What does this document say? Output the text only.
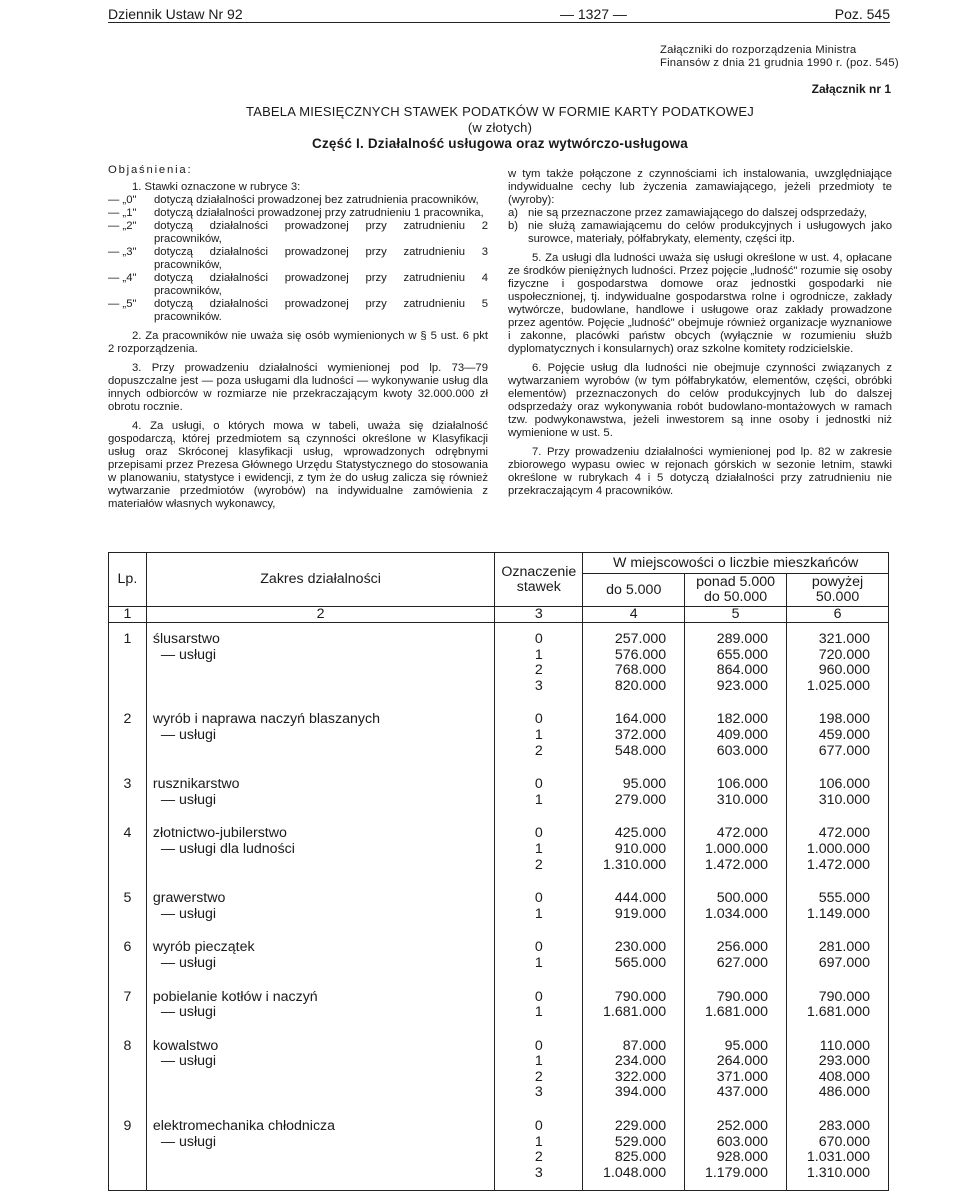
Dziennik Ustaw Nr 92	— 1327 —	Poz. 545
Załączniki do rozporządzenia Ministra Finansów z dnia 21 grudnia 1990 r. (poz. 545)
Załącznik nr 1
TABELA MIESIĘCZNYCH STAWEK PODATKÓW W FORMIE KARTY PODATKOWEJ
(w złotych)
Część I. Działalność usługowa oraz wytwórczo-usługowa

Objaśnienia:

1. Stawki oznaczone w rubryce 3:

— „0"	dotyczą działalności prowadzonej bez zatrudnienia pracowników,
— „1"	dotyczą działalności prowadzonej przy zatrudnieniu 1 pracownika,
— „2"	dotyczą działalności prowadzonej przy zatrudnieniu 2 pracowników,
— „3"	dotyczą działalności prowadzonej przy zatrudnieniu 3 pracowników,
— „4"	dotyczą działalności prowadzonej przy zatrudnieniu 4 pracowników,
— „5"	dotyczą działalności prowadzonej przy zatrudnieniu 5 pracowników.

2. Za pracowników nie uważa się osób wymienionych w § 5 ust. 6 pkt 2 rozporządzenia.

3. Przy prowadzeniu działalności wymienionej pod lp. 73—79 dopuszczalne jest — poza usługami dla ludności — wykonywanie usług dla innych odbiorców w rozmiarze nie przekraczającym kwoty 32.000.000 zł obrotu rocznie.

4. Za usługi, o których mowa w tabeli, uważa się działalność gospodarczą, której przedmiotem są czynności określone w Klasyfikacji usług oraz Skróconej klasyfikacji usług, wprowadzonych odrębnymi przepisami przez Prezesa Głównego Urzędu Statystycznego do stosowania w planowaniu, statystyce i ewidencji, z tym że do usług zalicza się również wytwarzanie przedmiotów (wyrobów) na indywidualne zamówienia z materiałów własnych wykonawcy,

w tym także połączone z czynnościami ich instalowania, uwzględniające indywidualne cechy lub życzenia zamawiającego, jeżeli przedmioty te (wyroby):

a) nie są przeznaczone przez zamawiającego do dalszej odsprzedaży,
b) nie służą zamawiającemu do celów produkcyjnych i usługowych jako surowce, materiały, półfabrykaty, elementy, części itp.

5. Za usługi dla ludności uważa się usługi określone w ust. 4, opłacane ze środków pieniężnych ludności. Przez pojęcie „ludność" rozumie się osoby fizyczne i gospodarstwa domowe oraz jednostki gospodarki nie uspołecznionej, tj. indywidualne gospodarstwa rolne i ogrodnicze, zakłady wytwórcze, budowlane, handlowe i usługowe oraz zakłady prowadzone przez agentów. Pojęcie „ludność" obejmuje również organizacje wyznaniowe i zakonne, placówki państw obcych (wyłącznie w rozumieniu służb dyplomatycznych i konsularnych) oraz szkolne komitety rodzicielskie.

6. Pojęcie usług dla ludności nie obejmuje czynności związanych z wytwarzaniem wyrobów (w tym półfabrykatów, elementów, części, obróbki elementów) przeznaczonych do celów produkcyjnych lub do dalszej odsprzedaży oraz wykonywania robót budowlano-montażowych w ramach tzw. podwykonawstwa, jeżeli inwestorem są inne osoby i jednostki niż wymienione w ust. 5.

7. Przy prowadzeniu działalności wymienionej pod lp. 82 w zakresie zbiorowego wypasu owiec w rejonach górskich w sezonie letnim, stawki określone w rubrykach 4 i 5 dotyczą działalności przy zatrudnieniu nie przekraczającym 4 pracowników.

Lp.	Zakres działalności	Oznaczenie stawek	W miejscowości o liczbie mieszkańców		
			do 5.000	ponad 5.000 do 50.000	powyżej 50.000
1	2	3	4	5	6
1	ślusarstwo	0	257.000	289.000	321.000

	— usługi	1	576.000	655.000	720.000
		2	768.000	864.000	960.000
		3	820.000	923.000	1.025.000
2	wyrób i naprawa naczyń blaszanych	0	164.000	182.000	198.000

	— usługi	1	372.000	409.000	459.000
		2	548.000	603.000	677.000
3	rusznikarstwo	0	95.000	106.000	106.000

	— usługi	1	279.000	310.000	310.000
4	złotnictwo-jubilerstwo	0	425.000	472.000	472.000

	— usługi dla ludności	1	910.000	1.000.000	1.000.000
		2	1.310.000	1.472.000	1.472.000
5	grawerstwo	0	444.000	500.000	555.000

	— usługi	1	919.000	1.034.000	1.149.000
6	wyrób pieczątek	0	230.000	256.000	281.000

	— usługi	1	565.000	627.000	697.000
7	pobielanie kotłów i naczyń	0	790.000	790.000	790.000

	— usługi	1	1.681.000	1.681.000	1.681.000
8	kowalstwo	0	87.000	95.000	110.000

	— usługi	1	234.000	264.000	293.000
		2	322.000	371.000	408.000
		3	394.000	437.000	486.000
9	elektromechanika chłodnicza	0	229.000	252.000	283.000

	— usługi	1	529.000	603.000	670.000
		2	825.000	928.000	1.031.000
		3	1.048.000	1.179.000	1.310.000
